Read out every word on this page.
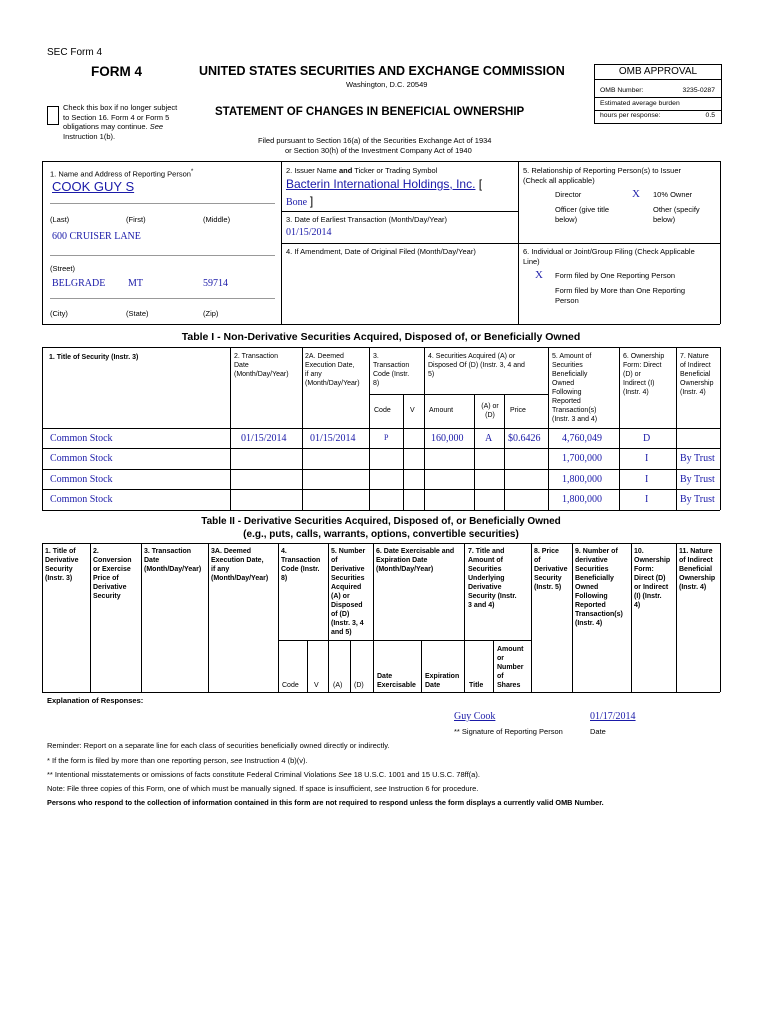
SEC Form 4
FORM 4	UNITED STATES SECURITIES AND EXCHANGE COMMISSION
Washington, D.C. 20549
Check this box if no longer subject
to Section 16. Form 4 or Form 5
obligations may continue. See
Instruction 1(b).
STATEMENT OF CHANGES IN BENEFICIAL OWNERSHIP
Filed pursuant to Section 16(a) of the Securities Exchange Act of 1934
or Section 30(h) of the Investment Company Act of 1940
OMB APPROVAL
OMB Number:	3235-0287
Estimated average burden
hours per response:	0.5
1. Name and Address of Reporting Person*
COOK GUY S
(Last)	(First)	(Middle)
600 CRUISER LANE
(Street)
BELGRADE MT	59714
(City)	(State)	(Zip)
2. Issuer Name and Ticker or Trading Symbol
Bacterin International Holdings, Inc. [
Bone ]
3. Date of Earliest Transaction (Month/Day/Year)
01/15/2014
4. If Amendment, Date of Original Filed (Month/Day/Year)
5. Relationship of Reporting Person(s) to Issuer
(Check all applicable)
Director	X 10% Owner
Officer (give title
below)
Other (specify
below)
6. Individual or Joint/Group Filing (Check Applicable
Line)
X Form filed by One Reporting Person
Form filed by More than One Reporting
Person
Table I - Non-Derivative Securities Acquired, Disposed of, or Beneficially Owned
1. Title of Security (Instr. 3)	2. Transaction
Date
(Month/Day/Year)
2A. Deemed
Execution Date,
if any
(Month/Day/Year)
3.
Transaction
Code (Instr.
8)
4. Securities Acquired (A) or
Disposed Of (D) (Instr. 3, 4 and
5)
5. Amount of
Securities
Beneficially
Owned
Following
Reported
Transaction(s)
(Instr. 3 and 4)
6. Ownership
Form: Direct
(D) or
Indirect (I)
(Instr. 4)
7. Nature
of Indirect
Beneficial
Ownership
(Instr. 4)
Code	V Amount
(A) or
(D)
Price
Common Stock	01/15/2014 01/15/2014	P	160,000 A $0.6426 4,760,049	D
Common Stock	1,700,000	I	By Trust
Common Stock	1,800,000	I	By Trust
Common Stock	1,800,000	I	By Trust
Table II - Derivative Securities Acquired, Disposed of, or Beneficially Owned
(e.g., puts, calls, warrants, options, convertible securities)
1. Title of
Derivative
Security
(Instr. 3)
2.
Conversion
or Exercise
Price of
Derivative
Security
3. Transaction
Date
(Month/Day/Year)
3A. Deemed
Execution Date,
if any
(Month/Day/Year)
4.
Transaction
Code (Instr.
8)
5. Number
of
Derivative
Securities
Acquired
(A) or
Disposed
of (D)
(Instr. 3, 4
and 5)
6. Date Exercisable and
Expiration Date
(Month/Day/Year)
7. Title and
Amount of
Securities
Underlying
Derivative
Security (Instr.
3 and 4)
8. Price
of
Derivative
Security
(Instr. 5)
9. Number of
derivative
Securities
Beneficially
Owned
Following
Reported
Transaction(s)
(Instr. 4)
10.
Ownership
Form:
Direct (D)
or Indirect
(I) (Instr.
4)
11. Nature
of Indirect
Beneficial
Ownership
(Instr. 4)
Code V (A) (D)
Date
Exercisable
Expiration
Date	Title
Amount
or
Number
of
Shares
Explanation of Responses:
Guy Cook	01/17/2014
** Signature of Reporting Person	Date
Reminder: Report on a separate line for each class of securities beneficially owned directly or indirectly.
* If the form is filed by more than one reporting person, see Instruction 4 (b)(v).
** Intentional misstatements or omissions of facts constitute Federal Criminal Violations See 18 U.S.C. 1001 and 15 U.S.C. 78ff(a).
Note: File three copies of this Form, one of which must be manually signed. If space is insufficient, see Instruction 6 for procedure.
Persons who respond to the collection of information contained in this form are not required to respond unless the form displays a currently valid OMB Number.
